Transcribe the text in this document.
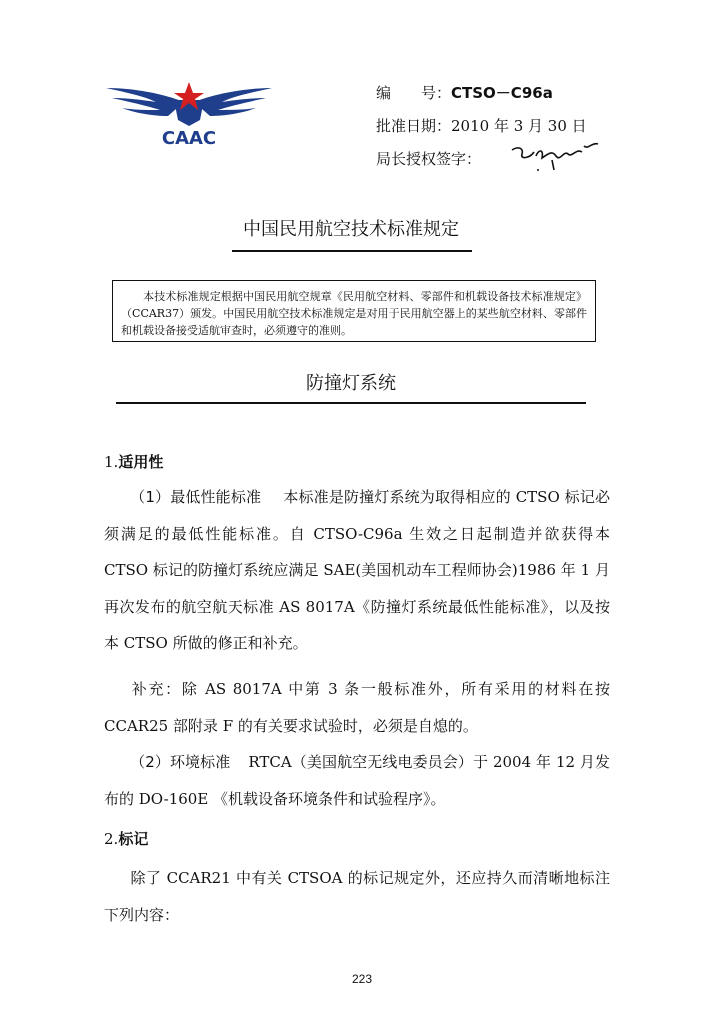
CAAC
编　　号：CTSO－C96a
批准日期：2010 年 3 月 30 日
局长授权签字：
中国民用航空技术标准规定
本技术标准规定根据中国民用航空规章《民用航空材料、零部件和机载设备技术标准规定》（CCAR37）颁发。中国民用航空技术标准规定是对用于民用航空器上的某些航空材料、零部件和机载设备接受适航审查时，必须遵守的准则。
防撞灯系统
1.适用性
（1）最低性能标准 本标准是防撞灯系统为取得相应的 CTSO 标记必须满足的最低性能标准。自 CTSO-C96a 生效之日起制造并欲获得本 CTSO 标记的防撞灯系统应满足 SAE(美国机动车工程师协会)1986 年 1 月再次发布的航空航天标准 AS 8017A《防撞灯系统最低性能标准》，以及按本 CTSO 所做的修正和补充。
补充：除 AS 8017A 中第 3 条一般标准外，所有采用的材料在按 CCAR25 部附录 F 的有关要求试验时，必须是自熄的。
（2）环境标准 RTCA（美国航空无线电委员会）于 2004 年 12 月发布的 DO-160E 《机载设备环境条件和试验程序》。
2.标记
除了 CCAR21 中有关 CTSOA 的标记规定外，还应持久而清晰地标注下列内容：
223
